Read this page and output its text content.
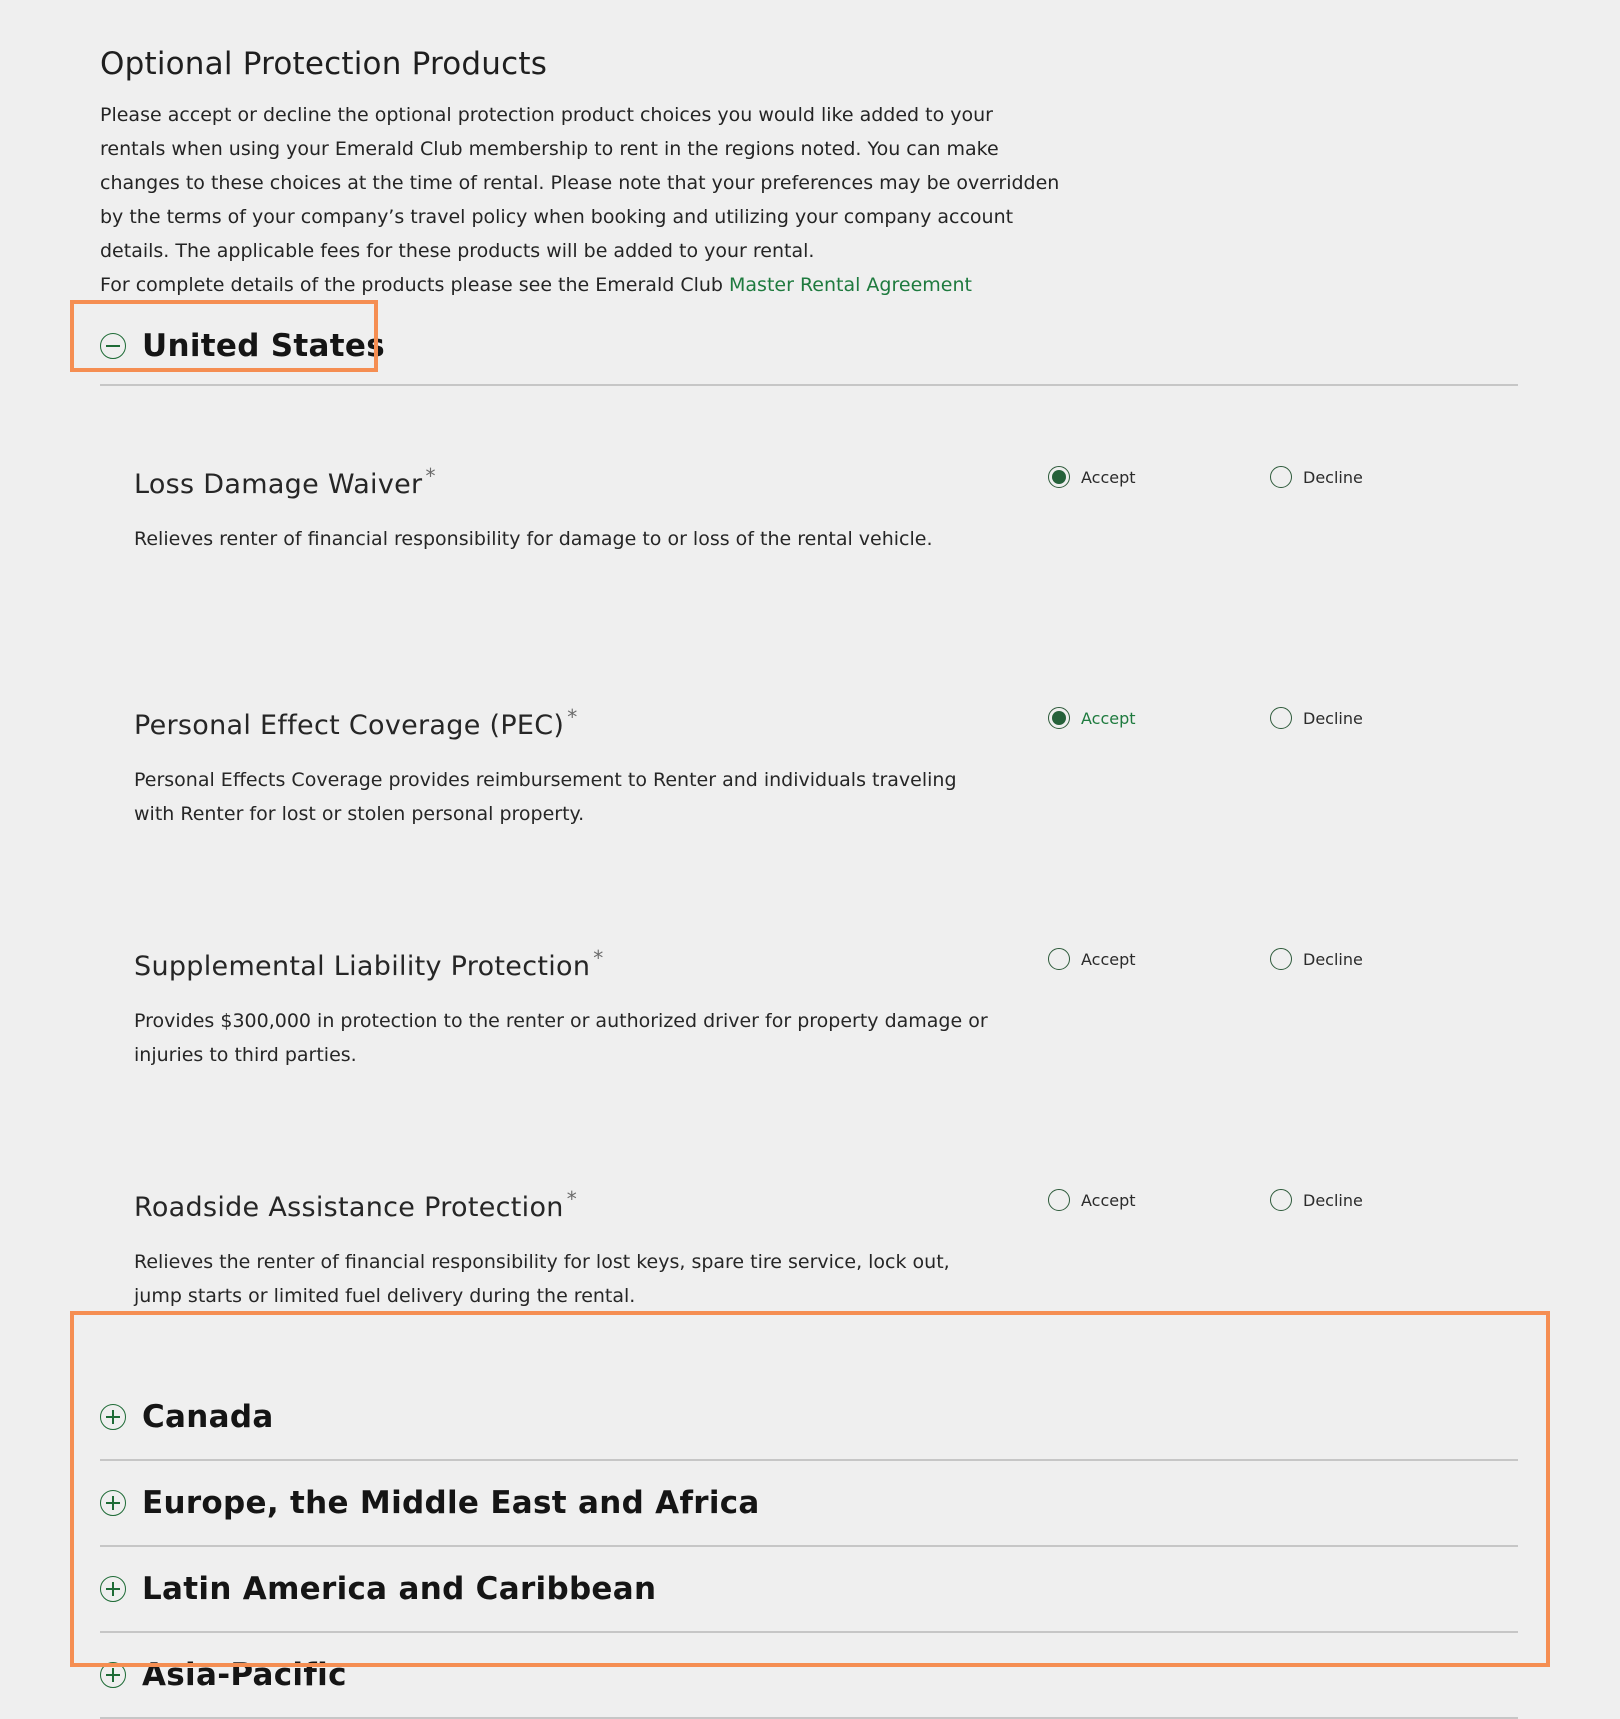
Optional Protection Products

Please accept or decline the optional protection product choices you would like added to your rentals when using your Emerald Club membership to rent in the regions noted. You can make changes to these choices at the time of rental. Please note that your preferences may be overridden by the terms of your company’s travel policy when booking and utilizing your company account details. The applicable fees for these products will be added to your rental.
For complete details of the products please see the Emerald Club Master Rental Agreement

United States
Loss Damage Waiver *	Accept	Decline

Relieves renter of financial responsibility for damage to or loss of the rental vehicle.

Personal Effect Coverage (PEC) *	Accept	Decline

Personal Effects Coverage provides reimbursement to Renter and individuals traveling with Renter for lost or stolen personal property.

Supplemental Liability Protection *	Accept	Decline

Provides $300,000 in protection to the renter or authorized driver for property damage or injuries to third parties.

Roadside Assistance Protection *	Accept	Decline

Relieves the renter of financial responsibility for lost keys, spare tire service, lock out, jump starts or limited fuel delivery during the rental.

Canada
Europe, the Middle East and Africa
Latin America and Caribbean
Asia-Pacific
